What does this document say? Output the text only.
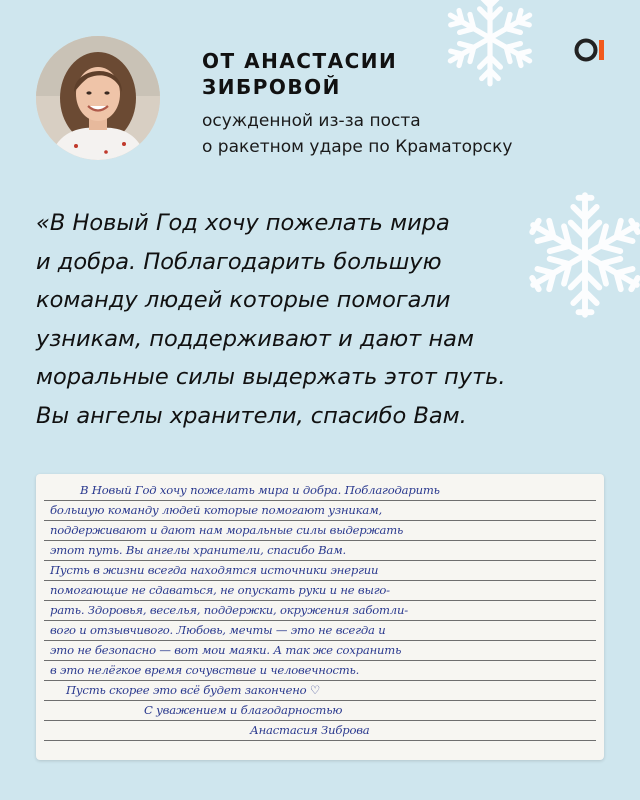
ОТ АНАСТАСИИ
ЗИБРОВОЙ
осужденной из-за поста
о ракетном ударе по Краматорску
«В Новый Год хочу пожелать мира
и добра. Поблагодарить большую
команду людей которые помогали
узникам, поддерживают и дают нам
моральные силы выдержать этот путь.
Вы ангелы хранители, спасибо Вам.
В Новый Год хочу пожелать мира и добра. Поблагодарить
большую команду людей которые помогают узникам,
поддерживают и дают нам моральные силы выдержать
этот путь. Вы ангелы хранители, спасибо Вам.
Пусть в жизни всегда находятся источники энергии
помогающие не сдаваться, не опускать руки и не выго-
рать. Здоровья, веселья, поддержки, окружения заботли-
вого и отзывчивого. Любовь, мечты — это не всегда и
это не безопасно — вот мои маяки. А так же сохранить
в это нелёгкое время сочувствие и человечность.
Пусть скорее это всё будет закончено ♡
С уважением и благодарностью
Анастасия Зиброва
